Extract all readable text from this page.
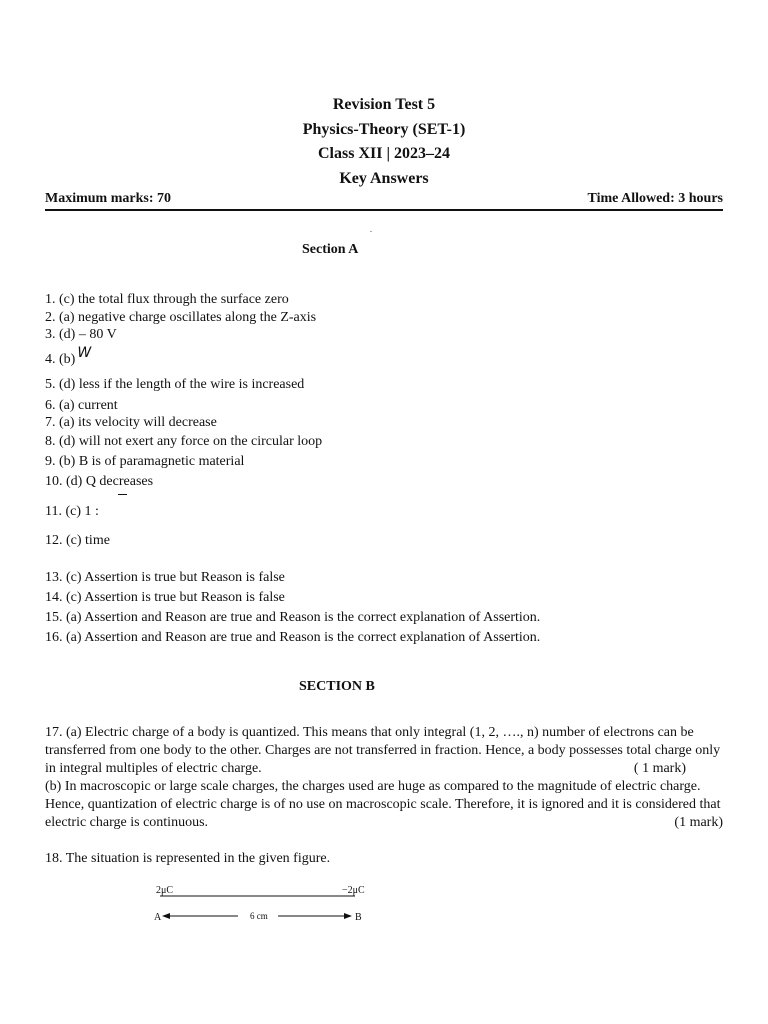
Revision Test 5
Physics-Theory (SET-1)
Class XII | 2023–24
Key Answers
Maximum marks: 70	Time Allowed: 3 hours
.
Section A
1. (c) the total flux through the surface zero
2. (a) negative charge oscillates along the Z-axis
3. (d) – 80 V
4. (b) W
5. (d) less if the length of the wire is increased
6. (a) current
7. (a) its velocity will decrease
8. (d) will not exert any force on the circular loop
9. (b) B is of paramagnetic material
10. (d) Q decreases
11. (c) 1 :
12. (c) time
13. (c) Assertion is true but Reason is false
14. (c) Assertion is true but Reason is false
15. (a) Assertion and Reason are true and Reason is the correct explanation of Assertion.
16. (a) Assertion and Reason are true and Reason is the correct explanation of Assertion.
SECTION B
17. (a) Electric charge of a body is quantized. This means that only integral (1, 2, …., n) number of electrons can be transferred from one body to the other. Charges are not transferred in fraction. Hence, a body possesses total charge only in integral multiples of electric charge.	( 1 mark)
(b) In macroscopic or large scale charges, the charges used are huge as compared to the magnitude of electric charge. Hence, quantization of electric charge is of no use on macroscopic scale. Therefore, it is ignored and it is considered that electric charge is continuous.	(1 mark)
18. The situation is represented in the given figure.
2μC	−2μC
A	B
6 cm
